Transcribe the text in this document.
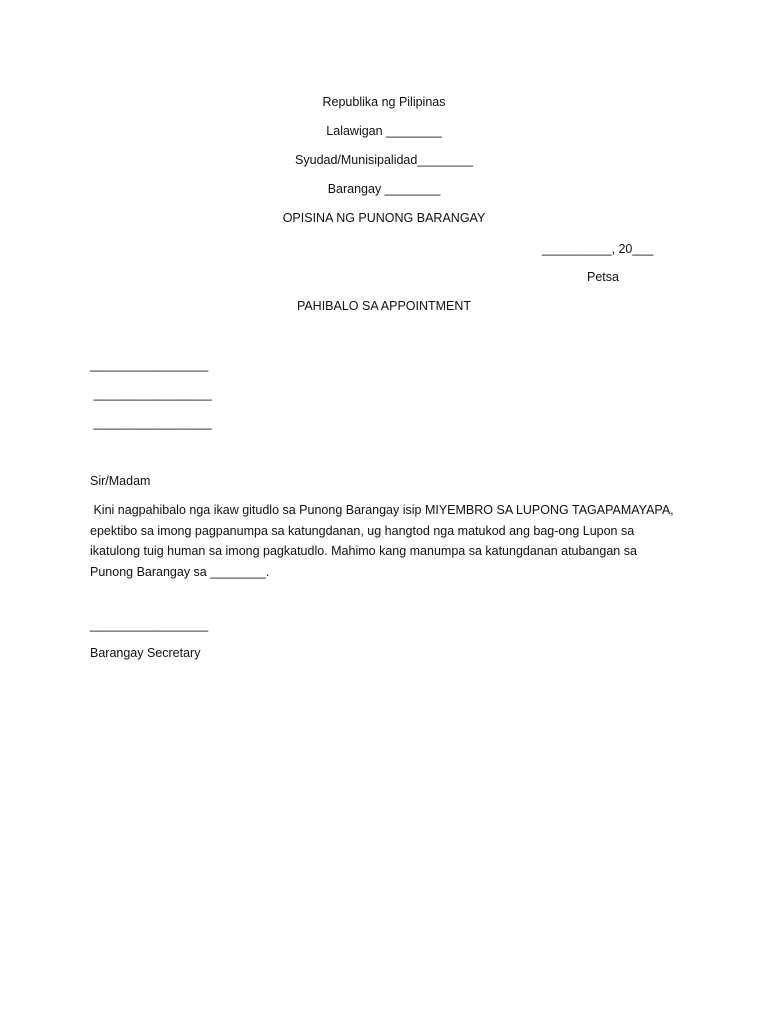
Republika ng Pilipinas
Lalawigan ________
Syudad/Munisipalidad________
Barangay ________
OPISINA NG PUNONG BARANGAY
__________, 20___
Petsa
PAHIBALO SA APPOINTMENT
_________________
_________________
_________________
Sir/Madam
Kini nagpahibalo nga ikaw gitudlo sa Punong Barangay isip MIYEMBRO SA LUPONG TAGAPAMAYAPA,
epektibo sa imong pagpanumpa sa katungdanan, ug hangtod nga matukod ang bag-ong Lupon sa
ikatulong tuig human sa imong pagkatudlo. Mahimo kang manumpa sa katungdanan atubangan sa
Punong Barangay sa ________.
_________________
Barangay Secretary
